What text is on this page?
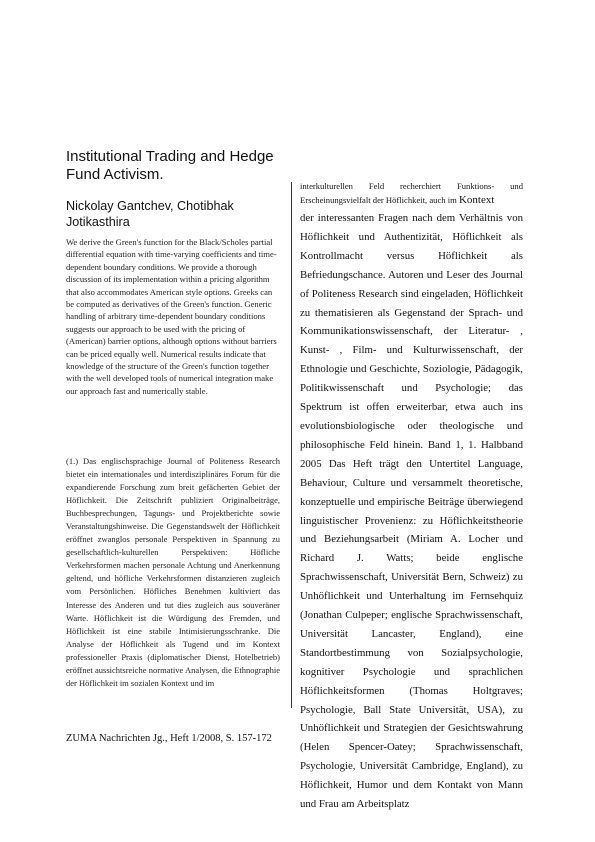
Institutional Trading and Hedge Fund Activism.
Nickolay Gantchev, Chotibhak Jotikasthira

We derive the Green's function for the Black/Scholes partial differential equation with time-varying coefficients and time-dependent boundary conditions. We provide a thorough discussion of its implementation within a pricing algorithm that also accommodates American style options. Greeks can be computed as derivatives of the Green's function. Generic handling of arbitrary time-dependent boundary conditions suggests our approach to be used with the pricing of (American) barrier options, although options without barriers can be priced equally well. Numerical results indicate that knowledge of the structure of the Green's function together with the well developed tools of numerical integration make our approach fast and numerically stable.

(1.) Das englischsprachige Journal of Politeness Research bietet ein internationales und interdisziplinäres Forum für die expandierende Forschung zum breit gefächerten Gebiet der Höflichkeit. Die Zeitschrift publiziert Originalbeiträge, Buchbesprechungen, Tagungs- und Projektberichte sowie Veranstaltungshinweise. Die Gegenstandswelt der Höflichkeit eröffnet zwanglos personale Perspektiven in Spannung zu gesellschaftlich-kulturellen Perspektiven: Höfliche Verkehrsformen machen personale Achtung und Anerkennung geltend, und höfliche Verkehrsformen distanzieren zugleich vom Persönlichen. Höfliches Benehmen kultiviert das Interesse des Anderen und tut dies zugleich aus souveräner Warte. Höflichkeit ist die Würdigung des Fremden, und Höflichkeit ist eine stabile Intimisierungsschranke. Die Analyse der Höflichkeit als Tugend und im Kontext professioneller Praxis (diplomatischer Dienst, Hotelbetrieb) eröffnet aussichtsreiche normative Analysen, die Ethnographie der Höflichkeit im sozialen Kontext und im

ZUMA Nachrichten Jg., Heft 1/2008, S. 157-172

interkulturellen Feld recherchiert Funktions- und Erscheinungsvielfalt der Höflichkeit, auch im Kontext

der interessanten Fragen nach dem Verhältnis von Höflichkeit und Authentizität, Höflichkeit als Kontrollmacht versus Höflichkeit als Befriedungschance. Autoren und Leser des Journal of Politeness Research sind eingeladen, Höflichkeit zu thematisieren als Gegenstand der Sprach- und Kommunikationswissenschaft, der Literatur- , Kunst- , Film- und Kulturwissenschaft, der Ethnologie und Geschichte, Soziologie, Pädagogik, Politikwissenschaft und Psychologie; das Spektrum ist offen erweiterbar, etwa auch ins evolutionsbiologische oder theologische und philosophische Feld hinein. Band 1, 1. Halbband 2005 Das Heft trägt den Untertitel Language, Behaviour, Culture und versammelt theoretische, konzeptuelle und empirische Beiträge überwiegend linguistischer Provenienz: zu Höflichkeitstheorie und Beziehungsarbeit (Miriam A. Locher und Richard J. Watts; beide englische Sprachwissenschaft, Universität Bern, Schweiz) zu Unhöflichkeit und Unterhaltung im Fernsehquiz (Jonathan Culpeper; englische Sprachwissenschaft, Universität Lancaster, England), eine Standortbestimmung von Sozialpsychologie, kognitiver Psychologie und sprachlichen Höflichkeitsformen (Thomas Holtgraves; Psychologie, Ball State Universität, USA), zu Unhöflichkeit und Strategien der Gesichtswahrung (Helen Spencer-Oatey; Sprachwissenschaft, Psychologie, Universität Cambridge, England), zu Höflichkeit, Humor und dem Kontakt von Mann und Frau am Arbeitsplatz
